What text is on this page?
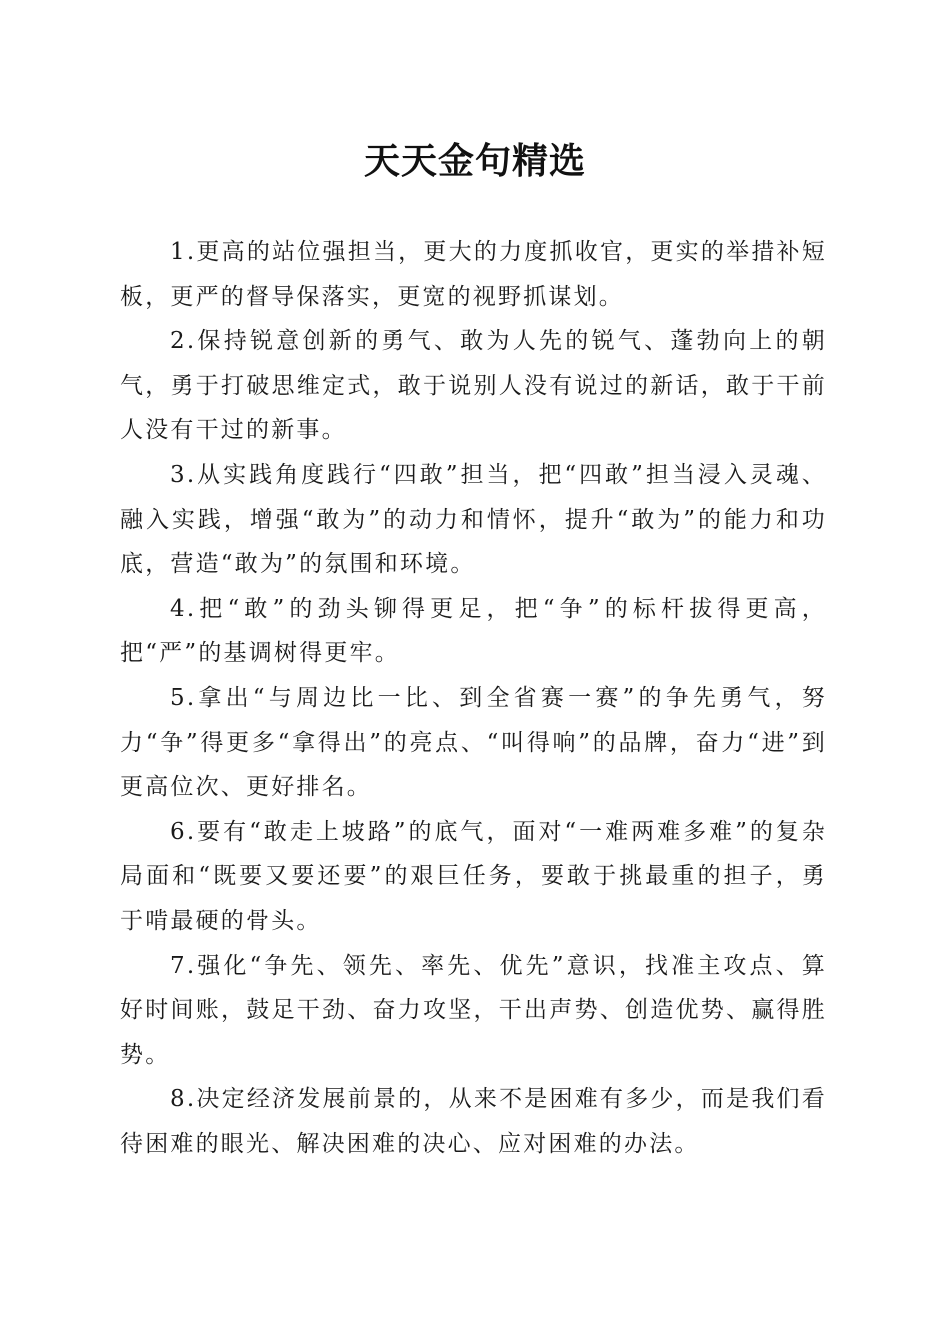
天天金句精选

1.更高的站位强担当，更大的力度抓收官，更实的举措补短板，更严的督导保落实，更宽的视野抓谋划。

2.保持锐意创新的勇气、敢为人先的锐气、蓬勃向上的朝气，勇于打破思维定式，敢于说别人没有说过的新话，敢于干前人没有干过的新事。

3.从实践角度践行“四敢”担当，把“四敢”担当浸入灵魂、融入实践，增强“敢为”的动力和情怀，提升“敢为”的能力和功底，营造“敢为”的氛围和环境。

4.把“敢”的劲头铆得更足，把“争”的标杆拔得更高，把“严”的基调树得更牢。

5.拿出“与周边比一比、到全省赛一赛”的争先勇气，努力“争”得更多“拿得出”的亮点、“叫得响”的品牌，奋力“进”到更高位次、更好排名。

6.要有“敢走上坡路”的底气，面对“一难两难多难”的复杂局面和“既要又要还要”的艰巨任务，要敢于挑最重的担子，勇于啃最硬的骨头。

7.强化“争先、领先、率先、优先”意识，找准主攻点、算好时间账，鼓足干劲、奋力攻坚，干出声势、创造优势、赢得胜势。

8.决定经济发展前景的，从来不是困难有多少，而是我们看待困难的眼光、解决困难的决心、应对困难的办法。
